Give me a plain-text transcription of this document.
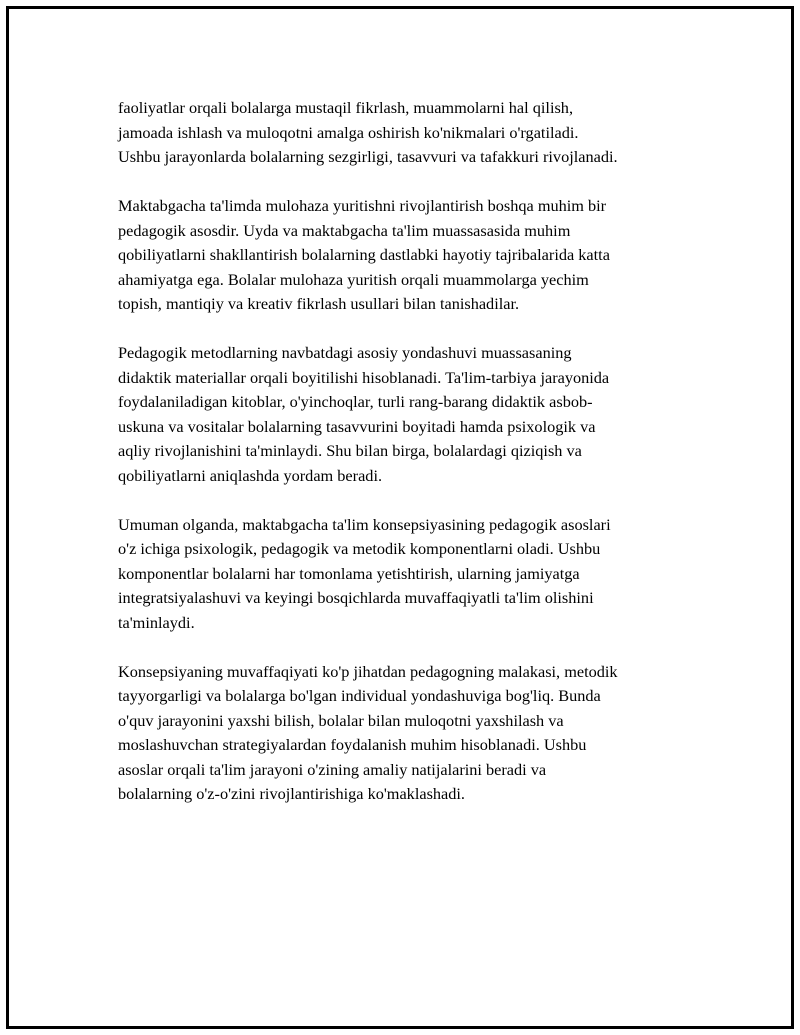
faoliyatlar orqali bolalarga mustaqil fikrlash, muammolarni hal qilish,
jamoada ishlash va muloqotni amalga oshirish ko'nikmalari o'rgatiladi.
Ushbu jarayonlarda bolalarning sezgirligi, tasavvuri va tafakkuri rivojlanadi.

Maktabgacha ta'limda mulohaza yuritishni rivojlantirish boshqa muhim bir
pedagogik asosdir. Uyda va maktabgacha ta'lim muassasasida muhim
qobiliyatlarni shakllantirish bolalarning dastlabki hayotiy tajribalarida katta
ahamiyatga ega. Bolalar mulohaza yuritish orqali muammolarga yechim
topish, mantiqiy va kreativ fikrlash usullari bilan tanishadilar.

Pedagogik metodlarning navbatdagi asosiy yondashuvi muassasaning
didaktik materiallar orqali boyitilishi hisoblanadi. Ta'lim-tarbiya jarayonida
foydalaniladigan kitoblar, o'yinchoqlar, turli rang-barang didaktik asbob-
uskuna va vositalar bolalarning tasavvurini boyitadi hamda psixologik va
aqliy rivojlanishini ta'minlaydi. Shu bilan birga, bolalardagi qiziqish va
qobiliyatlarni aniqlashda yordam beradi.

Umuman olganda, maktabgacha ta'lim konsepsiyasining pedagogik asoslari
o'z ichiga psixologik, pedagogik va metodik komponentlarni oladi. Ushbu
komponentlar bolalarni har tomonlama yetishtirish, ularning jamiyatga
integratsiyalashuvi va keyingi bosqichlarda muvaffaqiyatli ta'lim olishini
ta'minlaydi.

Konsepsiyaning muvaffaqiyati ko'p jihatdan pedagogning malakasi, metodik
tayyorgarligi va bolalarga bo'lgan individual yondashuviga bog'liq. Bunda
o'quv jarayonini yaxshi bilish, bolalar bilan muloqotni yaxshilash va
moslashuvchan strategiyalardan foydalanish muhim hisoblanadi. Ushbu
asoslar orqali ta'lim jarayoni o'zining amaliy natijalarini beradi va
bolalarning o'z-o'zini rivojlantirishiga ko'maklashadi.
